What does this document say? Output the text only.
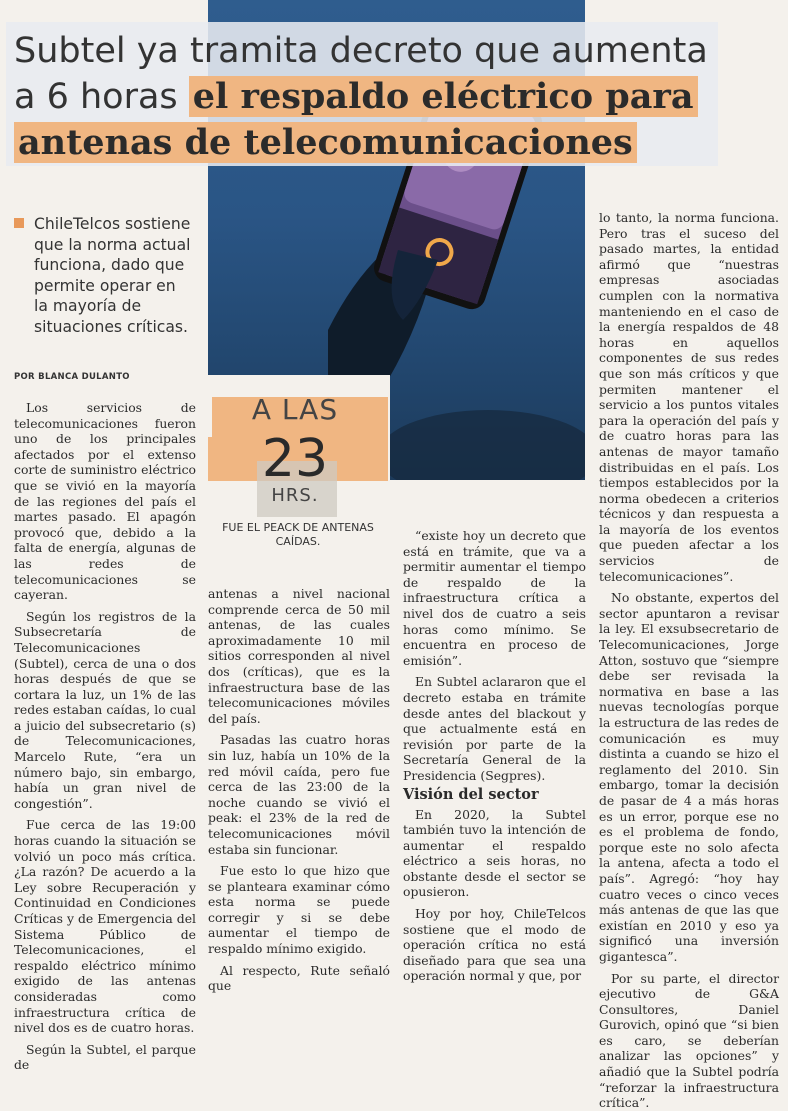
Subtel ya tramita decreto que aumenta a 6 horas el respaldo eléctrico para antenas de telecomunicaciones
ChileTelcos sostiene que la norma actual funciona, dado que permite operar en la mayoría de situaciones críticas.
POR BLANCA DULANTO
A LAS
23
HRS.
FUE EL PEACK DE ANTENAS CAÍDAS.

Los servicios de telecomunicaciones fueron uno de los principales afectados por el extenso corte de suministro eléctrico que se vivió en la mayoría de las regiones del país el martes pasado. El apagón provocó que, debido a la falta de energía, algunas de las redes de telecomunicaciones se cayeran.

Según los registros de la Subsecretaría de Telecomunicaciones (Subtel), cerca de una o dos horas después de que se cortara la luz, un 1% de las redes estaban caídas, lo cual a juicio del subsecretario (s) de Telecomunicaciones, Marcelo Rute, “era un número bajo, sin embargo, había un gran nivel de congestión”.

Fue cerca de las 19:00 horas cuando la situación se volvió un poco más crítica. ¿La razón? De acuerdo a la Ley sobre Recuperación y Continuidad en Condiciones Críticas y de Emergencia del Sistema Público de Telecomunicaciones, el respaldo eléctrico mínimo exigido de las antenas consideradas como infraestructura crítica de nivel dos es de cuatro horas.

Según la Subtel, el parque de

antenas a nivel nacional comprende cerca de 50 mil antenas, de las cuales aproximadamente 10 mil sitios corresponden al nivel dos (críticas), que es la infraestructura base de las telecomunicaciones móviles del país.

Pasadas las cuatro horas sin luz, había un 10% de la red móvil caída, pero fue cerca de las 23:00 de la noche cuando se vivió el peak: el 23% de la red de telecomunicaciones móvil estaba sin funcionar.

Fue esto lo que hizo que se planteara examinar cómo esta norma se puede corregir y si se debe aumentar el tiempo de respaldo mínimo exigido.

Al respecto, Rute señaló que

“existe hoy un decreto que está en trámite, que va a permitir aumentar el tiempo de respaldo de la infraestructura crítica a nivel dos de cuatro a seis horas como mínimo. Se encuentra en proceso de emisión”.

En Subtel aclararon que el decreto estaba en trámite desde antes del blackout y que actualmente está en revisión por parte de la Secretaría General de la Presidencia (Segpres).

Visión del sector

En 2020, la Subtel también tuvo la intención de aumentar el respaldo eléctrico a seis horas, no obstante desde el sector se opusieron.

Hoy por hoy, ChileTelcos sostiene que el modo de operación crítica no está diseñado para que sea una operación normal y que, por

lo tanto, la norma funciona. Pero tras el suceso del pasado martes, la entidad afirmó que “nuestras empresas asociadas cumplen con la normativa manteniendo en el caso de la energía respaldos de 48 horas en aquellos componentes de sus redes que son más críticos y que permiten mantener el servicio a los puntos vitales para la operación del país y de cuatro horas para las antenas de mayor tamaño distribuidas en el país. Los tiempos establecidos por la norma obedecen a criterios técnicos y dan respuesta a la mayoría de los eventos que pueden afectar a los servicios de telecomunicaciones”.

No obstante, expertos del sector apuntaron a revisar la ley. El exsubsecretario de Telecomunicaciones, Jorge Atton, sostuvo que “siempre debe ser revisada la normativa en base a las nuevas tecnologías porque la estructura de las redes de comunicación es muy distinta a cuando se hizo el reglamento del 2010. Sin embargo, tomar la decisión de pasar de 4 a más horas es un error, porque ese no es el problema de fondo, porque este no solo afecta la antena, afecta a todo el país”. Agregó: “hoy hay cuatro veces o cinco veces más antenas de que las que existían en 2010 y eso ya significó una inversión gigantesca”.

Por su parte, el director ejecutivo de G&A Consultores, Daniel Gurovich, opinó que “si bien es caro, se deberían analizar las opciones” y añadió que la Subtel podría “reforzar la infraestructura crítica”.
